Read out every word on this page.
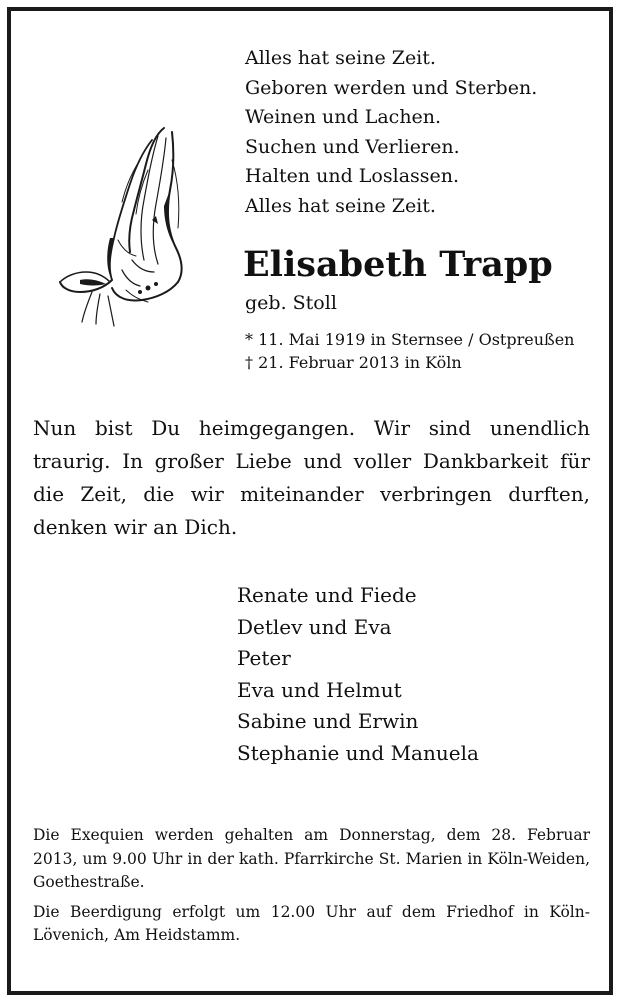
Alles hat seine Zeit.
Geboren werden und Sterben.
Weinen und Lachen.
Suchen und Verlieren.
Halten und Loslassen.
Alles hat seine Zeit.
Elisabeth Trapp
geb. Stoll
* 11. Mai 1919 in Sternsee / Ostpreußen
† 21. Februar 2013 in Köln
Nun bist Du heimgegangen. Wir sind unendlich traurig. In großer Liebe und voller Dankbarkeit für die Zeit, die wir miteinander verbringen durften, denken wir an Dich.
Renate und Fiede
Detlev und Eva
Peter
Eva und Helmut
Sabine und Erwin
Stephanie und Manuela

Die Exequien werden gehalten am Donnerstag, dem 28. Februar 2013, um 9.00 Uhr in der kath. Pfarrkirche St. Marien in Köln-Weiden, Goethestraße.

Die Beerdigung erfolgt um 12.00 Uhr auf dem Friedhof in Köln-Lövenich, Am Heidstamm.
